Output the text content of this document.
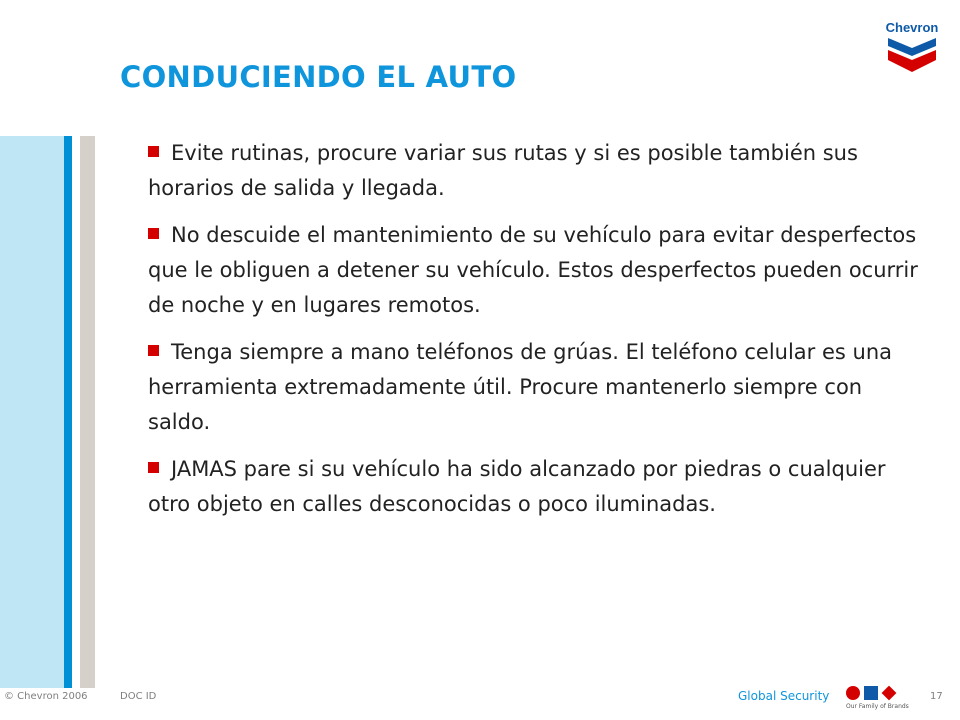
CONDUCIENDO EL AUTO
Chevron

Evite rutinas, procure variar sus rutas y si es posible también sus horarios de salida y llegada.

No descuide el mantenimiento de su vehículo para evitar desperfectos que le obliguen a detener su vehículo. Estos desperfectos pueden ocurrir de noche y en lugares remotos.

Tenga siempre a mano teléfonos de grúas. El teléfono celular es una herramienta extremadamente útil. Procure mantenerlo siempre con saldo.

JAMAS pare si su vehículo ha sido alcanzado por piedras o cualquier otro objeto en calles desconocidas o poco iluminadas.

© Chevron 2006	DOC ID	Global Security	17
Our Family of Brands
